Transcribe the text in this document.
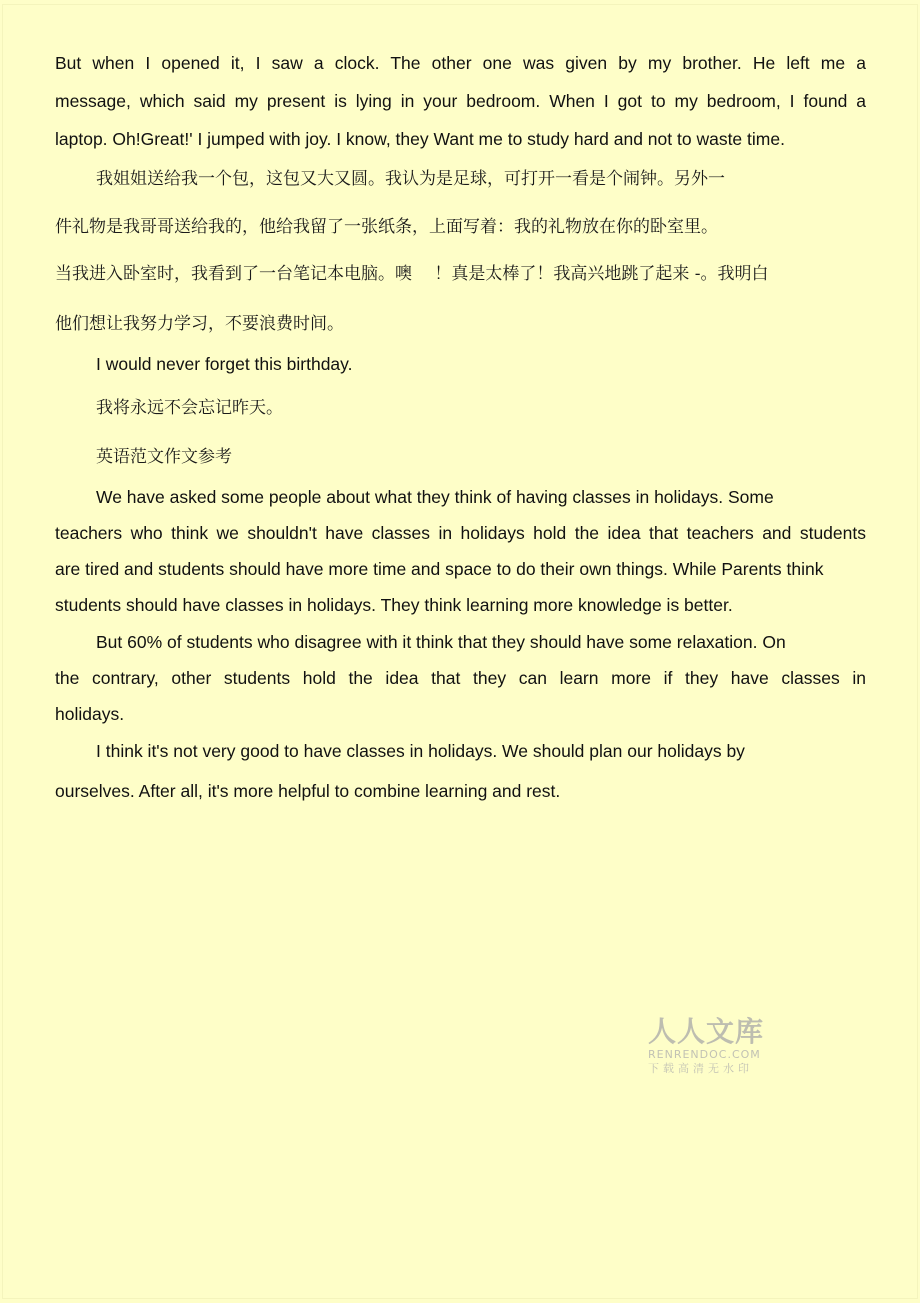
But when I opened it, I saw a clock. The other one was given by my brother. He left me a
message, which said my present is lying in your bedroom. When I got to my bedroom, I found a
laptop. Oh!Great!' I jumped with joy. I know, they Want me to study hard and not to waste time.
我姐姐送给我一个包，这包又大又圆。我认为是足球，可打开一看是个闹钟。另外一
件礼物是我哥哥送给我的，他给我留了一张纸条，上面写着：我的礼物放在你的卧室里。
当我进入卧室时，我看到了一台笔记本电脑。噢　 ！真是太棒了！我高兴地跳了起来 -。我明白
他们想让我努力学习，不要浪费时间。
I would never forget this birthday.
我将永远不会忘记昨天。
英语范文作文参考
We have asked some people about what they think of having classes in holidays. Some
teachers who think we shouldn't have classes in holidays hold the idea that teachers and students
are tired and students should have more time and space to do their own things. While Parents think
students should have classes in holidays. They think learning more knowledge is better.
But 60% of students who disagree with it think that they should have some relaxation. On
the contrary, other students hold the idea that they can learn more if they have classes in
holidays.
I think it's not very good to have classes in holidays. We should plan our holidays by
ourselves. After all, it's more helpful to combine learning and rest.
人人文库
RENRENDOC.COM
下载高清无水印
